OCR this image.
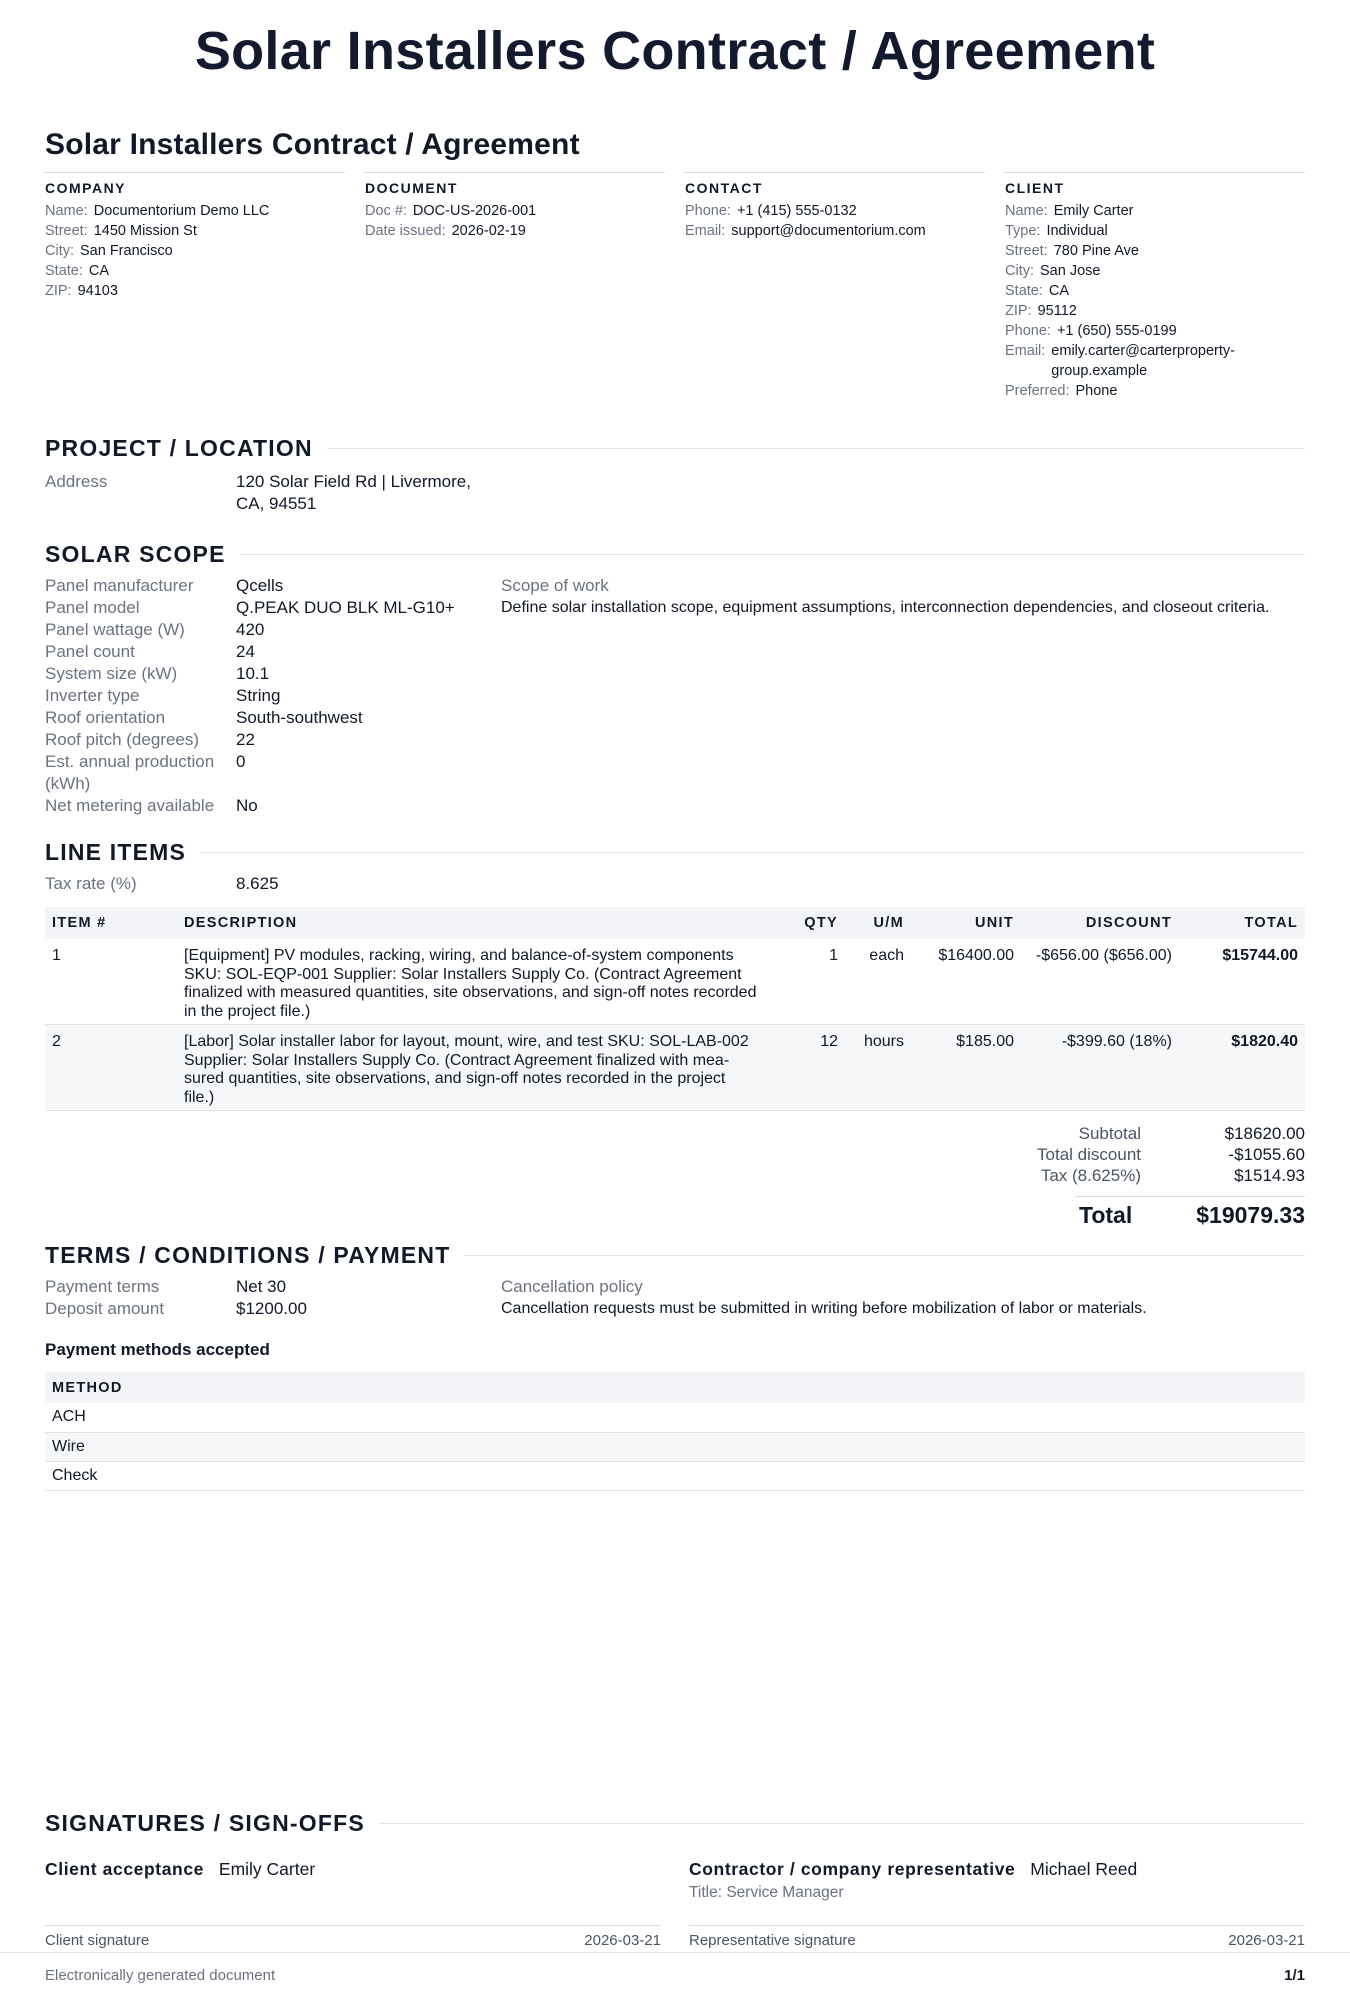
Solar Installers Contract / Agreement
Solar Installers Contract / Agreement
COMPANY
Name: Documentorium Demo LLC
Street: 1450 Mission St
City: San Francisco
State: CA
ZIP: 94103
DOCUMENT
Doc #: DOC-US-2026-001
Date issued: 2026-02-19
CONTACT
Phone: +1 (415) 555-0132
Email: support@documentorium.com
CLIENT
Name: Emily Carter
Type: Individual
Street: 780 Pine Ave
City: San Jose
State: CA
ZIP: 95112
Phone: +1 (650) 555-0199
Email: emily.carter@carterproperty-group.example
Preferred: Phone
PROJECT / LOCATION
Address	120 Solar Field Rd | Livermore,
CA, 94551
SOLAR SCOPE
Panel manufacturer	Qcells
Panel model	Q.PEAK DUO BLK ML-G10+
Panel wattage (W)	420
Panel count	24
System size (kW)	10.1
Inverter type	String
Roof orientation	South-southwest
Roof pitch (degrees)	22
Est. annual production (kWh)
0
Net metering available	No
Scope of work
Define solar installation scope, equipment assumptions, interconnection dependencies, and closeout criteria.
LINE ITEMS
Tax rate (%)	8.625
ITEM #	DESCRIPTION	QTY	U/M	UNIT	DISCOUNT	TOTAL
1	[Equipment] PV modules, racking, wiring, and balance-of-system components
SKU: SOL-EQP-001 Supplier: Solar Installers Supply Co. (Contract Agreement
finalized with measured quantities, site observations, and sign-off notes recorded
in the project file.)	1	each	$16400.00	-$656.00 ($656.00)	$15744.00
2	[Labor] Solar installer labor for layout, mount, wire, and test SKU: SOL-LAB-002
Supplier: Solar Installers Supply Co. (Contract Agreement finalized with mea-
sured quantities, site observations, and sign-off notes recorded in the project
file.)	12	hours	$185.00	-$399.60 (18%)	$1820.40
Subtotal	$18620.00
Total discount	-$1055.60
Tax (8.625%)	$1514.93
Total	$19079.33
TERMS / CONDITIONS / PAYMENT
Payment terms	Net 30
Deposit amount	$1200.00
Cancellation policy
Cancellation requests must be submitted in writing before mobilization of labor or materials.
Payment methods accepted
METHOD
ACH
Wire
Check
SIGNATURES / SIGN-OFFS
Client acceptance Emily Carter
Client signature	2026-03-21
Contractor / company representative Michael Reed
Title: Service Manager
Representative signature	2026-03-21
Electronically generated document	1/1
